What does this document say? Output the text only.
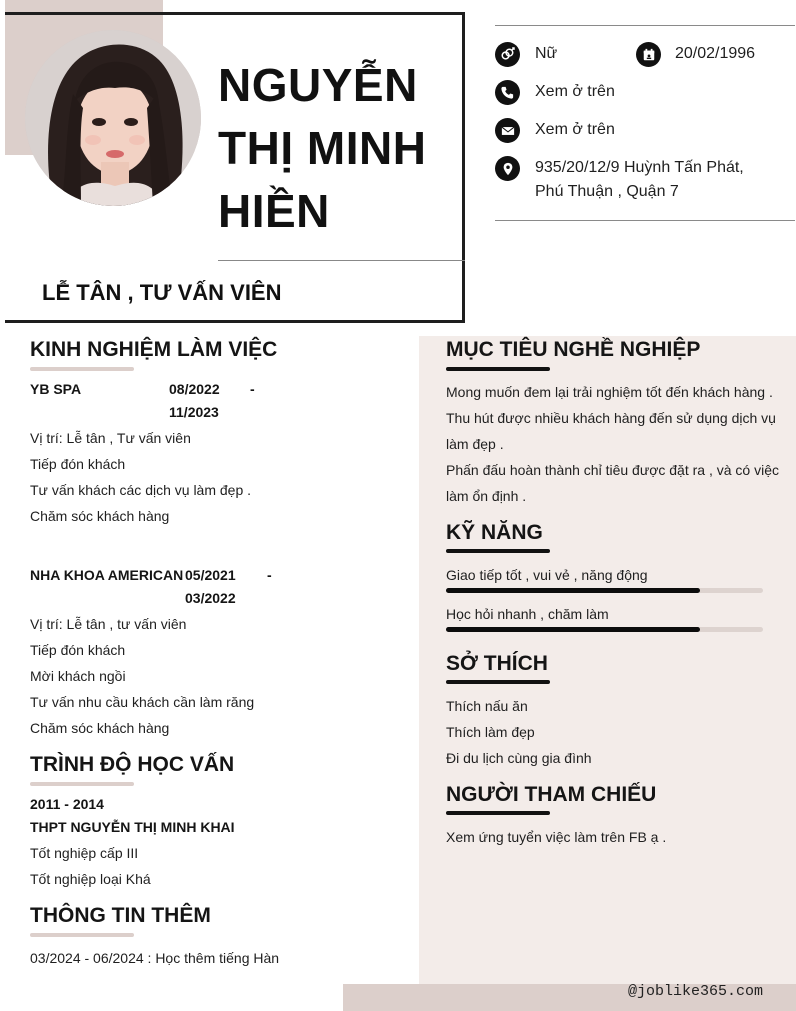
NGUYỄN
THỊ MINH
HIỀN
LỄ TÂN , TƯ VẤN VIÊN
Nữ	20/02/1996
Xem ở trên
Xem ở trên
935/20/12/9 Huỳnh Tấn Phát,
Phú Thuận , Quận 7
KINH NGHIỆM LÀM VIỆC
YB SPA	08/2022 -
11/2023
Vị trí: Lễ tân , Tư vấn viên
Tiếp đón khách
Tư vấn khách các dịch vụ làm đẹp .
Chăm sóc khách hàng
NHA KHOA AMERICAN 05/2021 -
03/2022
Vị trí: Lễ tân , tư vấn viên
Tiếp đón khách
Mời khách ngồi
Tư vấn nhu cầu khách cần làm răng
Chăm sóc khách hàng
TRÌNH ĐỘ HỌC VẤN
2011 - 2014
THPT NGUYỄN THỊ MINH KHAI
Tốt nghiệp cấp III
Tốt nghiệp loại Khá
THÔNG TIN THÊM
03/2024 - 06/2024 : Học thêm tiếng Hàn
MỤC TIÊU NGHỀ NGHIỆP
Mong muốn đem lại trải nghiệm tốt đến khách hàng .
Thu hút được nhiều khách hàng đến sử dụng dịch vụ
làm đẹp .
Phấn đấu hoàn thành chỉ tiêu được đặt ra , và có việc
làm ổn định .
KỸ NĂNG
Giao tiếp tốt , vui vẻ , năng động
Học hỏi nhanh , chăm làm
SỞ THÍCH
Thích nấu ăn
Thích làm đẹp
Đi du lịch cùng gia đình
NGƯỜI THAM CHIẾU
Xem ứng tuyển việc làm trên FB ạ .
@joblike365.com
